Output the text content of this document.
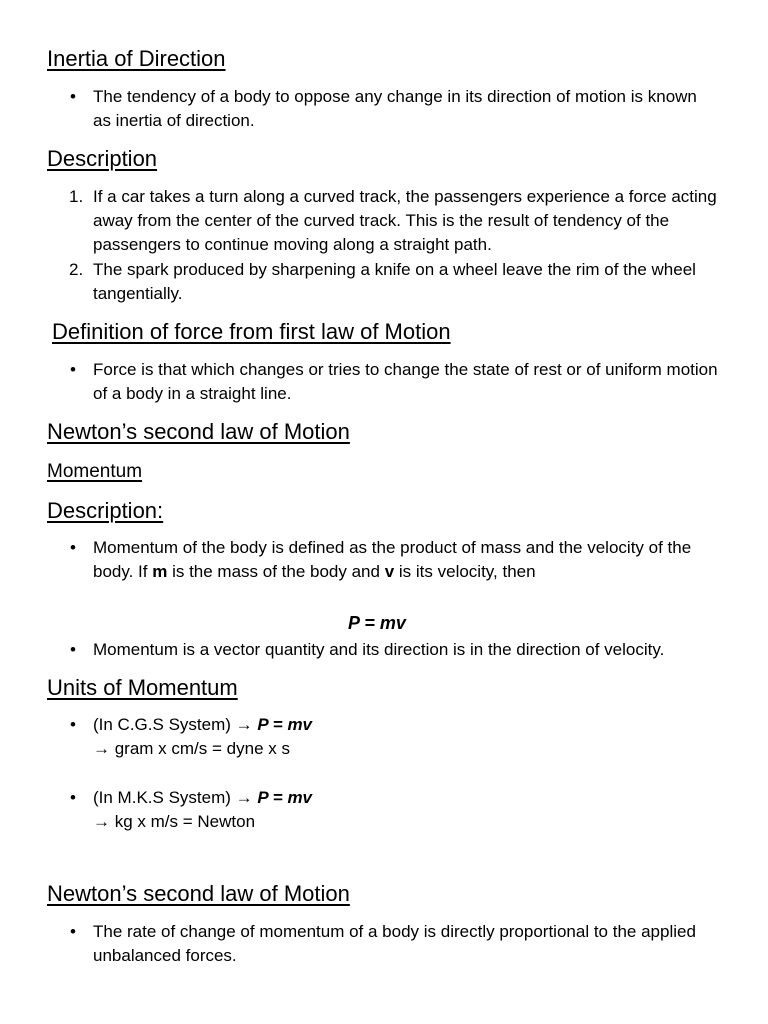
Inertia of Direction
• The tendency of a body to oppose any change in its direction of motion is known as inertia of direction.
Description
1. If a car takes a turn along a curved track, the passengers experience a force acting away from the center of the curved track. This is the result of tendency of the passengers to continue moving along a straight path.
2. The spark produced by sharpening a knife on a wheel leave the rim of the wheel tangentially.
Definition of force from first law of Motion
• Force is that which changes or tries to change the state of rest or of uniform motion of a body in a straight line.
Newton’s second law of Motion
Momentum
Description:
• Momentum of the body is defined as the product of mass and the velocity of the body. If m is the mass of the body and v is its velocity, then
P = mv
• Momentum is a vector quantity and its direction is in the direction of velocity.
Units of Momentum
• (In C.G.S System) → P = mv
→ gram x cm/s = dyne x s
• (In M.K.S System) → P = mv
→ kg x m/s = Newton
Newton’s second law of Motion
• The rate of change of momentum of a body is directly proportional to the applied unbalanced forces.
